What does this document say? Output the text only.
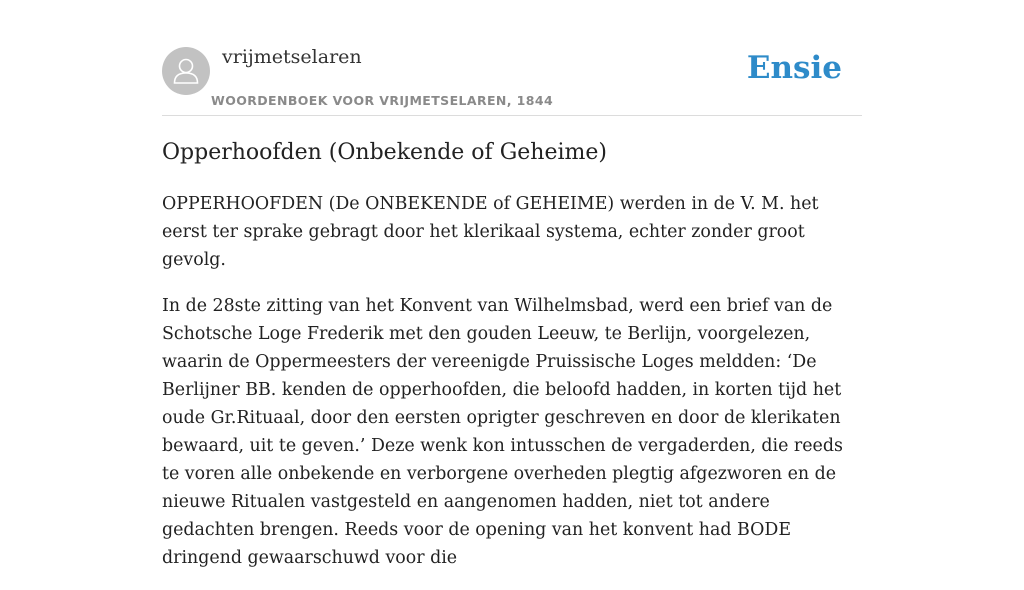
vrijmetselaren
WOORDENBOEK VOOR VRIJMETSELAREN, 1844
Ensie
Opperhoofden (Onbekende of Geheime)

OPPERHOOFDEN (De ONBEKENDE of GEHEIME) werden in de V. M. het eerst ter sprake gebragt door het klerikaal systema, echter zonder groot gevolg.

In de 28ste zitting van het Konvent van Wilhelmsbad, werd een brief van de Schotsche Loge Frederik met den gouden Leeuw, te Berlijn, voorgelezen, waarin de Oppermeesters der vereenigde Pruissische Loges meldden: ‘De Berlijner BB. kenden de opperhoofden, die beloofd hadden, in korten tijd het oude Gr.Rituaal, door den eersten oprigter geschreven en door de klerikaten bewaard, uit te geven.’ Deze wenk kon intusschen de vergaderden, die reeds te voren alle onbekende en verborgene overheden plegtig afgezworen en de nieuwe Ritualen vastgesteld en aangenomen hadden, niet tot andere gedachten brengen. Reeds voor de opening van het konvent had BODE dringend gewaarschuwd voor die
